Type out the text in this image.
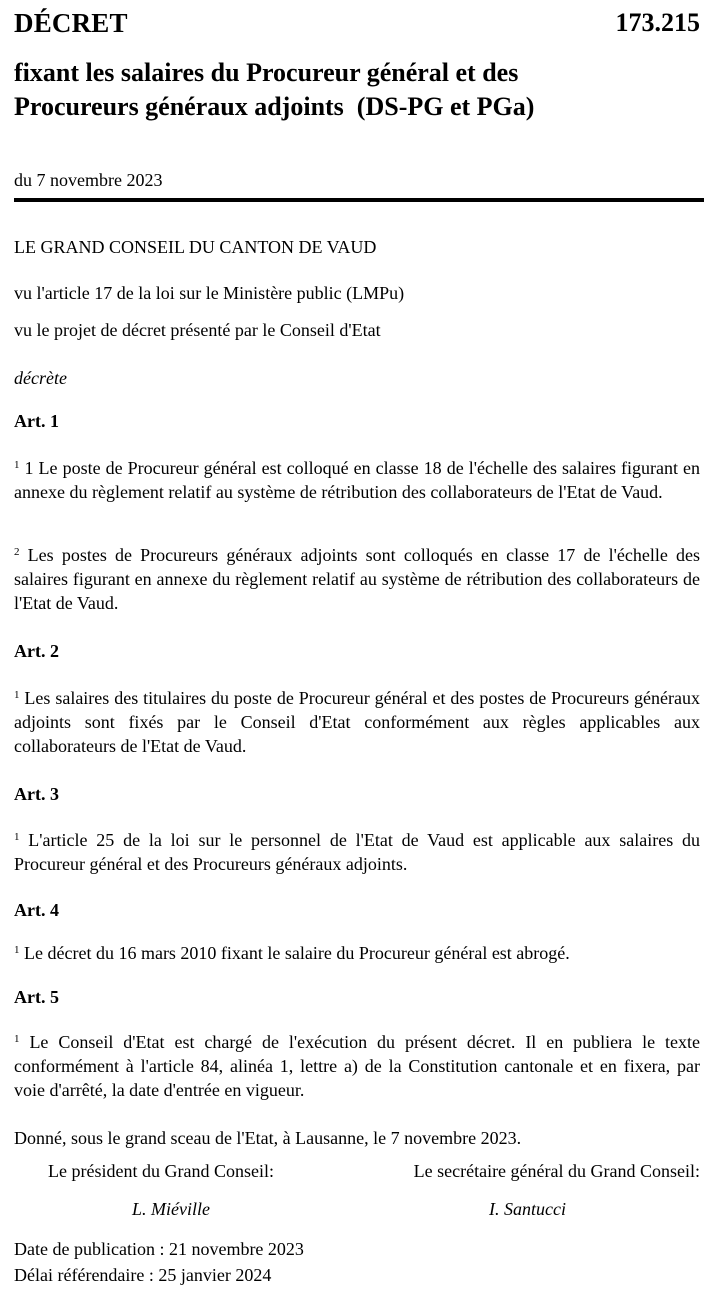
DÉCRET	173.215
fixant les salaires du Procureur général et des
Procureurs généraux adjoints  (DS-PG et PGa)
du 7 novembre 2023
LE GRAND CONSEIL DU CANTON DE VAUD
vu l'article 17 de la loi sur le Ministère public (LMPu)
vu le projet de décret présenté par le Conseil d'Etat
décrète
Art. 1
$^1$ 1 Le poste de Procureur général est colloqué en classe 18 de l'échelle des salaires figurant en annexe du règlement relatif au système de rétribution des collaborateurs de l'Etat de Vaud.
$^2$ Les postes de Procureurs généraux adjoints sont colloqués en classe 17 de l'échelle des salaires figurant en annexe du règlement relatif au système de rétribution des collaborateurs de l'Etat de Vaud.
Art. 2
$^1$ Les salaires des titulaires du poste de Procureur général et des postes de Procureurs généraux adjoints sont fixés par le Conseil d'Etat conformément aux règles applicables aux collaborateurs de l'Etat de Vaud.
Art. 3
$^1$ L'article 25 de la loi sur le personnel de l'Etat de Vaud est applicable aux salaires du Procureur général et des Procureurs généraux adjoints.
Art. 4
$^1$ Le décret du 16 mars 2010 fixant le salaire du Procureur général est abrogé.
Art. 5
$^1$ Le Conseil d'Etat est chargé de l'exécution du présent décret. Il en publiera le texte conformément à l'article 84, alinéa 1, lettre a) de la Constitution cantonale et en fixera, par voie d'arrêté, la date d'entrée en vigueur.
Donné, sous le grand sceau de l'Etat, à Lausanne, le 7 novembre 2023.
Le président du Grand Conseil:	Le secrétaire général du Grand Conseil:
L. Miéville	I. Santucci
Date de publication : 21 novembre 2023
Délai référendaire : 25 janvier 2024
